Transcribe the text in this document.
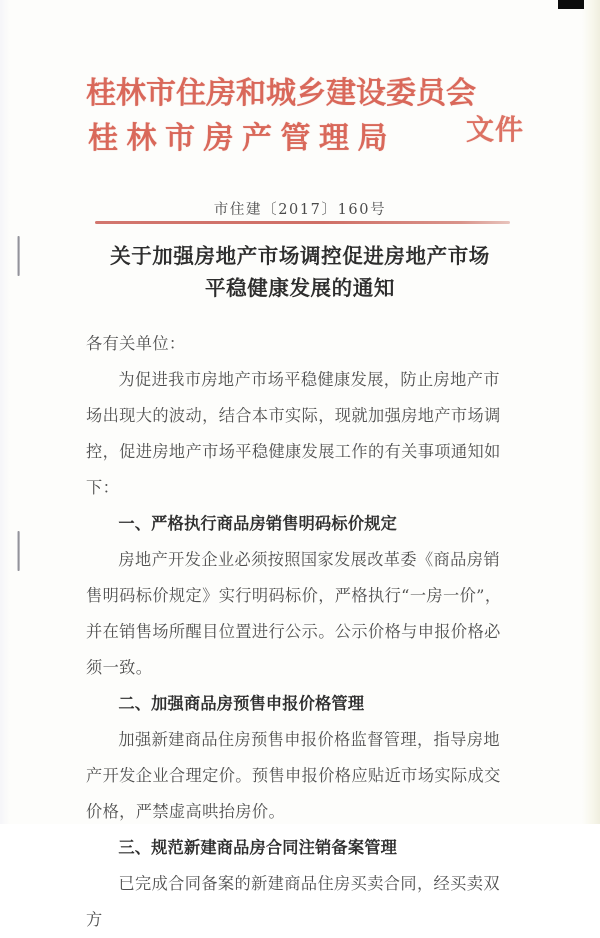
桂林市住房和城乡建设委员会
桂林市房产管理局	文件
市住建〔2017〕160号
关于加强房地产市场调控促进房地产市场
平稳健康发展的通知

各有关单位：

为促进我市房地产市场平稳健康发展，防止房地产市场出现大的波动，结合本市实际，现就加强房地产市场调控，促进房地产市场平稳健康发展工作的有关事项通知如下：

一、严格执行商品房销售明码标价规定

房地产开发企业必须按照国家发展改革委《商品房销售明码标价规定》实行明码标价，严格执行“一房一价”，并在销售场所醒目位置进行公示。公示价格与申报价格必须一致。

二、加强商品房预售申报价格管理

加强新建商品住房预售申报价格监督管理，指导房地产开发企业合理定价。预售申报价格应贴近市场实际成交价格，严禁虚高哄抬房价。

三、规范新建商品房合同注销备案管理

已完成合同备案的新建商品住房买卖合同，经买卖双方
